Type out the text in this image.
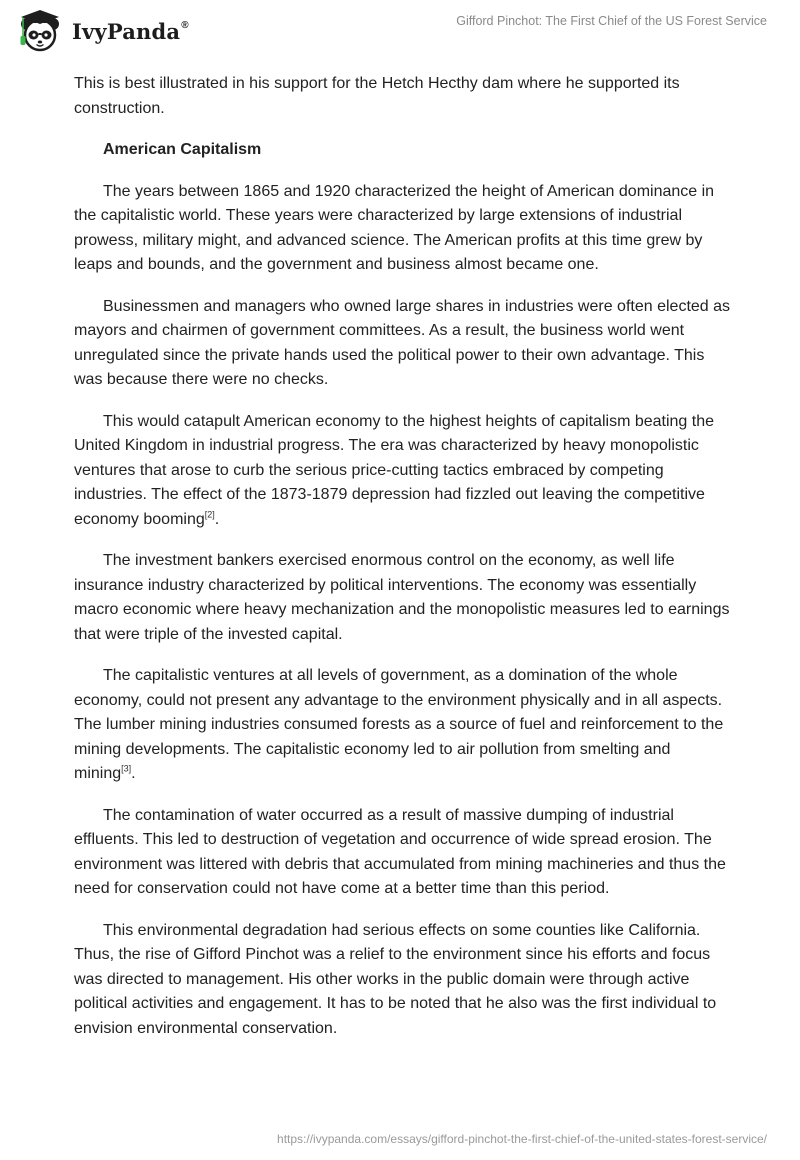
IvyPanda®	Gifford Pinchot: The First Chief of the US Forest Service

This is best illustrated in his support for the Hetch Hecthy dam where he supported its construction.

American Capitalism

The years between 1865 and 1920 characterized the height of American dominance in the capitalistic world. These years were characterized by large extensions of industrial prowess, military might, and advanced science. The American profits at this time grew by leaps and bounds, and the government and business almost became one.

Businessmen and managers who owned large shares in industries were often elected as mayors and chairmen of government committees. As a result, the business world went unregulated since the private hands used the political power to their own advantage. This was because there were no checks.

This would catapult American economy to the highest heights of capitalism beating the United Kingdom in industrial progress. The era was characterized by heavy monopolistic ventures that arose to curb the serious price-cutting tactics embraced by competing industries. The effect of the 1873-1879 depression had fizzled out leaving the competitive economy booming[2].

The investment bankers exercised enormous control on the economy, as well life insurance industry characterized by political interventions. The economy was essentially macro economic where heavy mechanization and the monopolistic measures led to earnings that were triple of the invested capital.

The capitalistic ventures at all levels of government, as a domination of the whole economy, could not present any advantage to the environment physically and in all aspects. The lumber mining industries consumed forests as a source of fuel and reinforcement to the mining developments. The capitalistic economy led to air pollution from smelting and mining[3].

The contamination of water occurred as a result of massive dumping of industrial effluents. This led to destruction of vegetation and occurrence of wide spread erosion. The environment was littered with debris that accumulated from mining machineries and thus the need for conservation could not have come at a better time than this period.

This environmental degradation had serious effects on some counties like California. Thus, the rise of Gifford Pinchot was a relief to the environment since his efforts and focus was directed to management. His other works in the public domain were through active political activities and engagement. It has to be noted that he also was the first individual to envision environmental conservation.

https://ivypanda.com/essays/gifford-pinchot-the-first-chief-of-the-united-states-forest-service/
